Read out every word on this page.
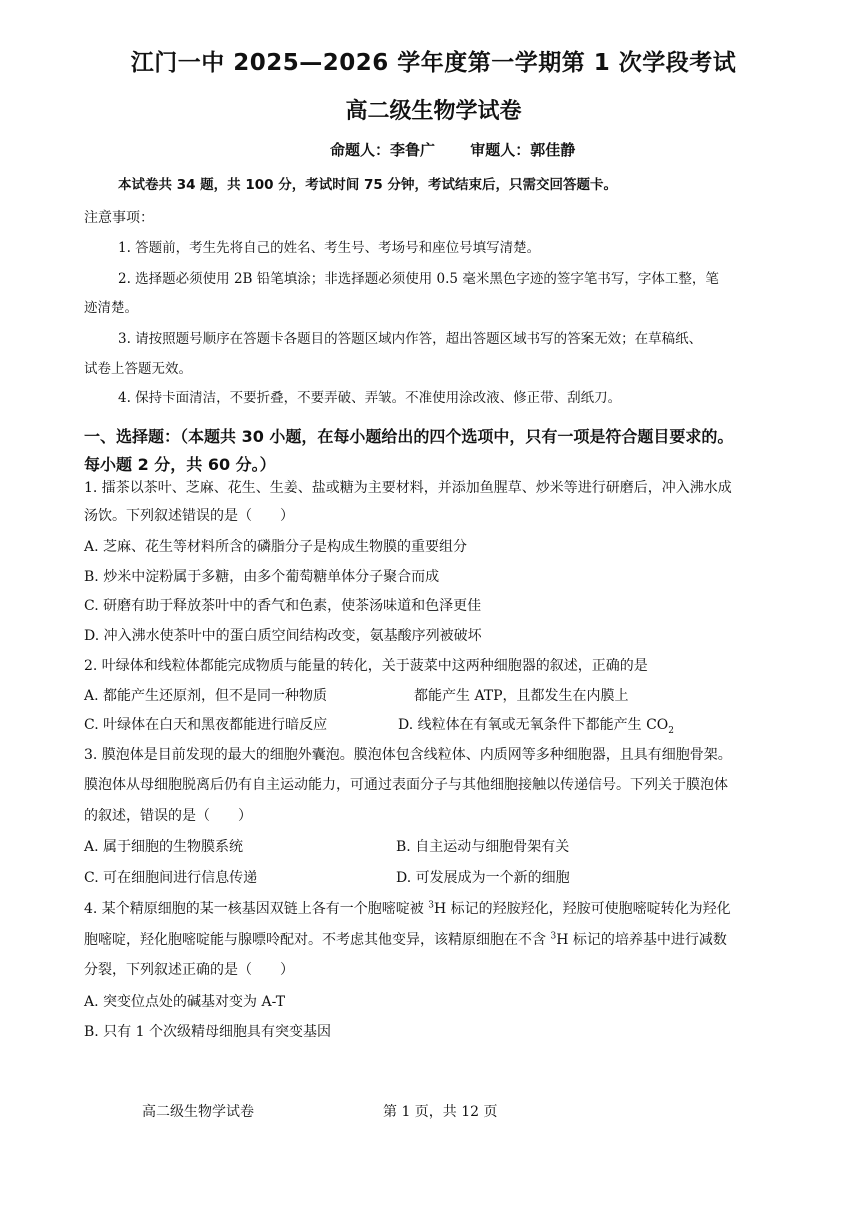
江门一中 2025—2026 学年度第一学期第 1 次学段考试
高二级生物学试卷
命题人：李鲁广 审题人：郭佳静
本试卷共 34 题，共 100 分，考试时间 75 分钟，考试结束后，只需交回答题卡。
注意事项：
1. 答题前，考生先将自己的姓名、考生号、考场号和座位号填写清楚。
2. 选择题必须使用 2B 铅笔填涂；非选择题必须使用 0.5 毫米黑色字迹的签字笔书写，字体工整，笔
迹清楚。
3. 请按照题号顺序在答题卡各题目的答题区域内作答，超出答题区域书写的答案无效；在草稿纸、
试卷上答题无效。
4. 保持卡面清洁，不要折叠，不要弄破、弄皱。不准使用涂改液、修正带、刮纸刀。
一、选择题：（本题共 30 小题，在每小题给出的四个选项中，只有一项是符合题目要求的。
每小题 2 分，共 60 分。）
1. 擂茶以茶叶、芝麻、花生、生姜、盐或糖为主要材料，并添加鱼腥草、炒米等进行研磨后，冲入沸水成
汤饮。下列叙述错误的是（　　）
A. 芝麻、花生等材料所含的磷脂分子是构成生物膜的重要组分
B. 炒米中淀粉属于多糖，由多个葡萄糖单体分子聚合而成
C. 研磨有助于释放茶叶中的香气和色素，使茶汤味道和色泽更佳
D. 冲入沸水使茶叶中的蛋白质空间结构改变，氨基酸序列被破坏
2. 叶绿体和线粒体都能完成物质与能量的转化，关于菠菜中这两种细胞器的叙述，正确的是
A. 都能产生还原剂，但不是同一种物质	都能产生 ATP，且都发生在内膜上
C. 叶绿体在白天和黑夜都能进行暗反应	D. 线粒体在有氧或无氧条件下都能产生 $CO_2$
3. 膜泡体是目前发现的最大的细胞外囊泡。膜泡体包含线粒体、内质网等多种细胞器，且具有细胞骨架。
膜泡体从母细胞脱离后仍有自主运动能力，可通过表面分子与其他细胞接触以传递信号。下列关于膜泡体
的叙述，错误的是（　　）
A. 属于细胞的生物膜系统	B. 自主运动与细胞骨架有关
C. 可在细胞间进行信息传递	D. 可发展成为一个新的细胞
4. 某个精原细胞的某一核基因双链上各有一个胞嘧啶被 $^3$H 标记的羟胺羟化，羟胺可使胞嘧啶转化为羟化
胞嘧啶，羟化胞嘧啶能与腺嘌呤配对。不考虑其他变异，该精原细胞在不含 $^3$H 标记的培养基中进行减数
分裂，下列叙述正确的是（　　）
A. 突变位点处的碱基对变为 A-T
B. 只有 1 个次级精母细胞具有突变基因
高二级生物学试卷	第 1 页，共 12 页
